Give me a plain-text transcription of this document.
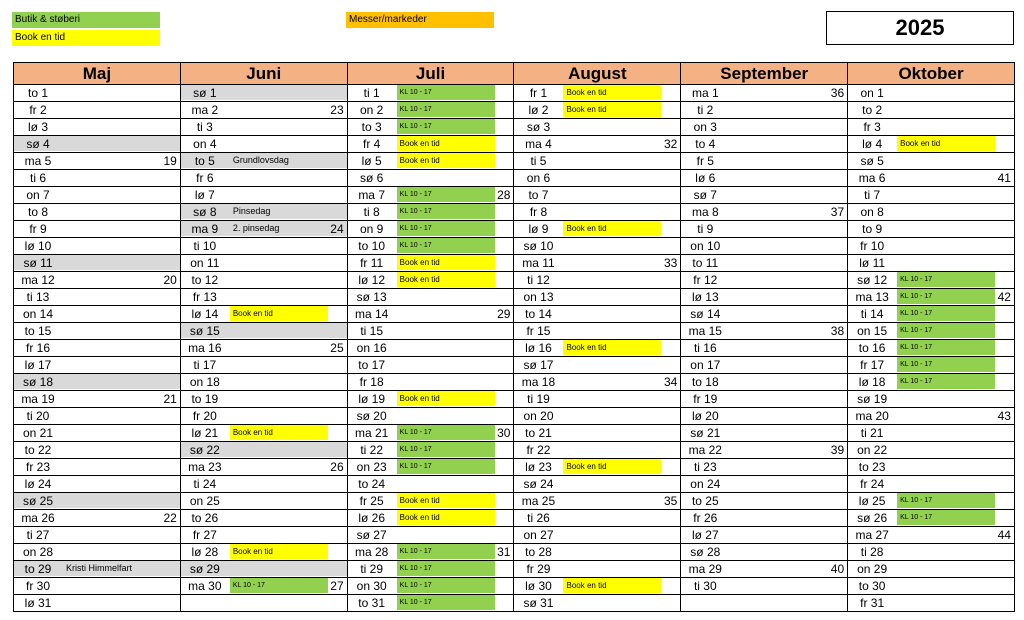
Butik & støberi
Book en tid
Messer/markeder	2025
Maj
to 1
fr 2
lø 3
sø 4
ma 5	19
ti 6
on 7
to 8
fr 9
lø 10
sø 11
ma 12	20
ti 13
on 14
to 15
fr 16
lø 17
sø 18
ma 19	21
ti 20
on 21
to 22
fr 23
lø 24
sø 25
ma 26	22
ti 27
on 28
to 29	Kristi Himmelfart
fr 30
lø 31
Juni
sø 1
ma 2	23
ti 3
on 4
to 5	Grundlovsdag
fr 6
lø 7
sø 8	Pinsedag
ma 9	2. pinsedag	24
ti 10
on 11
to 12
fr 13
lø 14	Book en tid
sø 15
ma 16	25
ti 17
on 18
to 19
fr 20
lø 21	Book en tid
sø 22
ma 23	26
ti 24
on 25
to 26
fr 27
lø 28	Book en tid
sø 29
ma 30	KL 10 - 17	27
Juli
ti 1	KL 10 - 17
on 2	KL 10 - 17
to 3	KL 10 - 17
fr 4	Book en tid
lø 5	Book en tid
sø 6
ma 7	KL 10 - 17	28
ti 8	KL 10 - 17
on 9	KL 10 - 17
to 10	KL 10 - 17
fr 11	Book en tid
lø 12	Book en tid
sø 13
ma 14	29
ti 15
on 16
to 17
fr 18
lø 19	Book en tid
sø 20
ma 21	KL 10 - 17	30
ti 22	KL 10 - 17
on 23	KL 10 - 17
to 24
fr 25	Book en tid
lø 26	Book en tid
sø 27
ma 28	KL 10 - 17	31
ti 29	KL 10 - 17
on 30	KL 10 - 17
to 31	KL 10 - 17
August
fr 1	Book en tid
lø 2	Book en tid
sø 3
ma 4	32
ti 5
on 6
to 7
fr 8
lø 9	Book en tid
sø 10
ma 11	33
ti 12
on 13
to 14
fr 15
lø 16	Book en tid
sø 17
ma 18	34
ti 19
on 20
to 21
fr 22
lø 23	Book en tid
sø 24
ma 25	35
ti 26
on 27
to 28
fr 29
lø 30	Book en tid
sø 31
September
ma 1	36
ti 2
on 3
to 4
fr 5
lø 6
sø 7
ma 8	37
ti 9
on 10
to 11
fr 12
lø 13
sø 14
ma 15	38
ti 16
on 17
to 18
fr 19
lø 20
sø 21
ma 22	39
ti 23
on 24
to 25
fr 26
lø 27
sø 28
ma 29	40
ti 30
Oktober
on 1
to 2
fr 3
lø 4	Book en tid
sø 5
ma 6	41
ti 7
on 8
to 9
fr 10
lø 11
sø 12	KL 10 - 17
ma 13	KL 10 - 17	42
ti 14	KL 10 - 17
on 15	KL 10 - 17
to 16	KL 10 - 17
fr 17	KL 10 - 17
lø 18	KL 10 - 17
sø 19
ma 20	43
ti 21
on 22
to 23
fr 24
lø 25	KL 10 - 17
sø 26	KL 10 - 17
ma 27	44
ti 28
on 29
to 30
fr 31
